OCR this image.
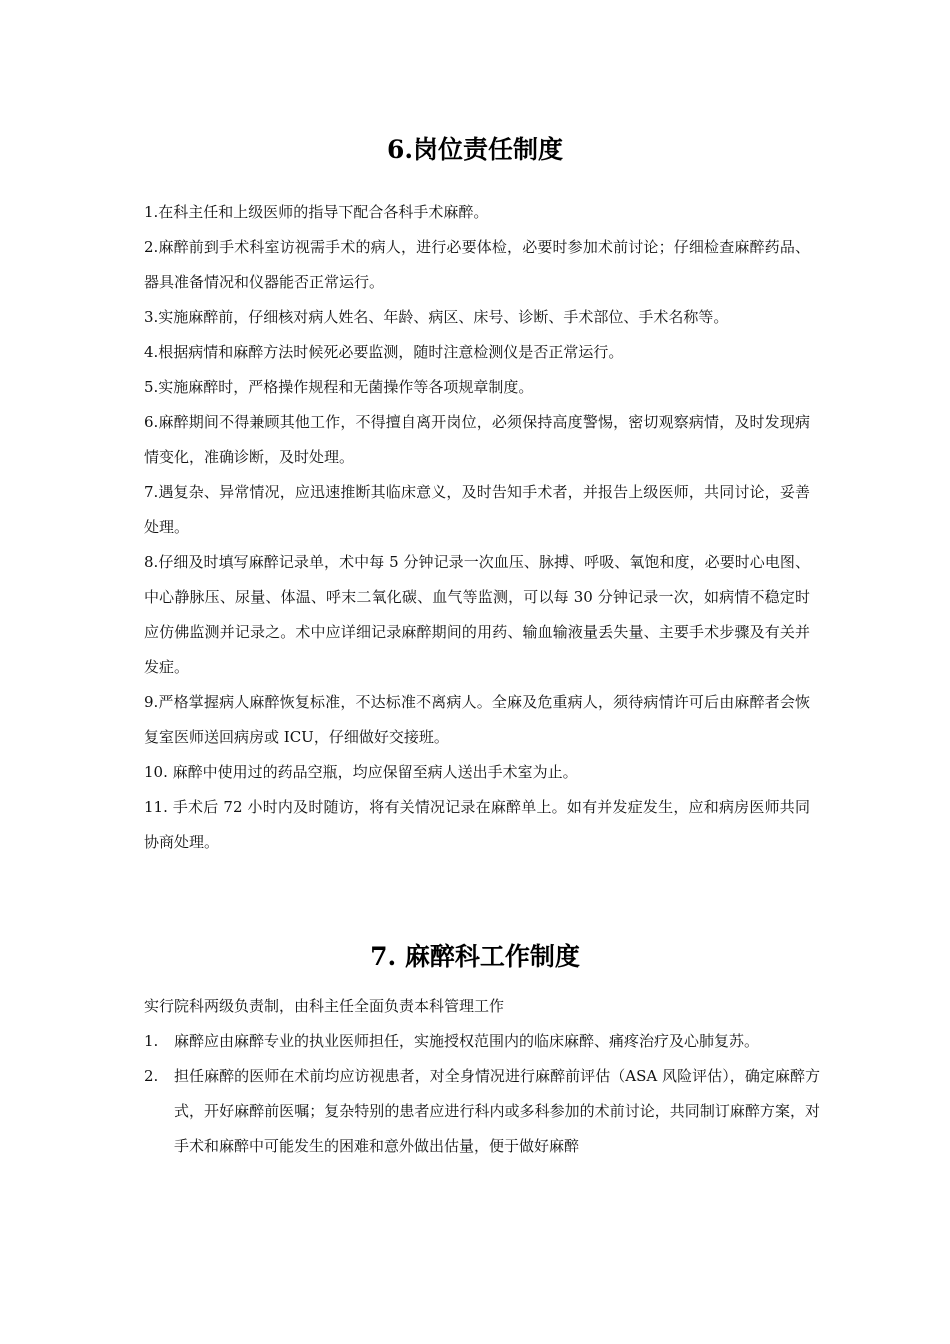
6.岗位责任制度

1.在科主任和上级医师的指导下配合各科手术麻醉。

2.麻醉前到手术科室访视需手术的病人，进行必要体检，必要时参加术前讨论；仔细检查麻醉药品、器具准备情况和仪器能否正常运行。

3.实施麻醉前，仔细核对病人姓名、年龄、病区、床号、诊断、手术部位、手术名称等。

4.根据病情和麻醉方法时候死必要监测，随时注意检测仪是否正常运行。

5.实施麻醉时，严格操作规程和无菌操作等各项规章制度。

6.麻醉期间不得兼顾其他工作，不得擅自离开岗位，必须保持高度警惕，密切观察病情，及时发现病情变化，准确诊断，及时处理。

7.遇复杂、异常情况，应迅速推断其临床意义，及时告知手术者，并报告上级医师，共同讨论，妥善处理。

8.仔细及时填写麻醉记录单，术中每 5 分钟记录一次血压、脉搏、呼吸、氧饱和度，必要时心电图、中心静脉压、尿量、体温、呼末二氧化碳、血气等监测，可以每 30 分钟记录一次，如病情不稳定时应仿佛监测并记录之。术中应详细记录麻醉期间的用药、输血输液量丢失量、主要手术步骤及有关并发症。

9.严格掌握病人麻醉恢复标准，不达标准不离病人。全麻及危重病人，须待病情许可后由麻醉者会恢复室医师送回病房或 ICU，仔细做好交接班。

10. 麻醉中使用过的药品空瓶，均应保留至病人送出手术室为止。

11. 手术后 72 小时内及时随访，将有关情况记录在麻醉单上。如有并发症发生，应和病房医师共同协商处理。

7. 麻醉科工作制度

实行院科两级负责制，由科主任全面负责本科管理工作

1. 麻醉应由麻醉专业的执业医师担任，实施授权范围内的临床麻醉、痛疼治疗及心肺复苏。
2. 担任麻醉的医师在术前均应访视患者，对全身情况进行麻醉前评估（ASA 风险评估），确定麻醉方式，开好麻醉前医嘱；复杂特别的患者应进行科内或多科参加的术前讨论，共同制订麻醉方案，对手术和麻醉中可能发生的困难和意外做出估量，便于做好麻醉
